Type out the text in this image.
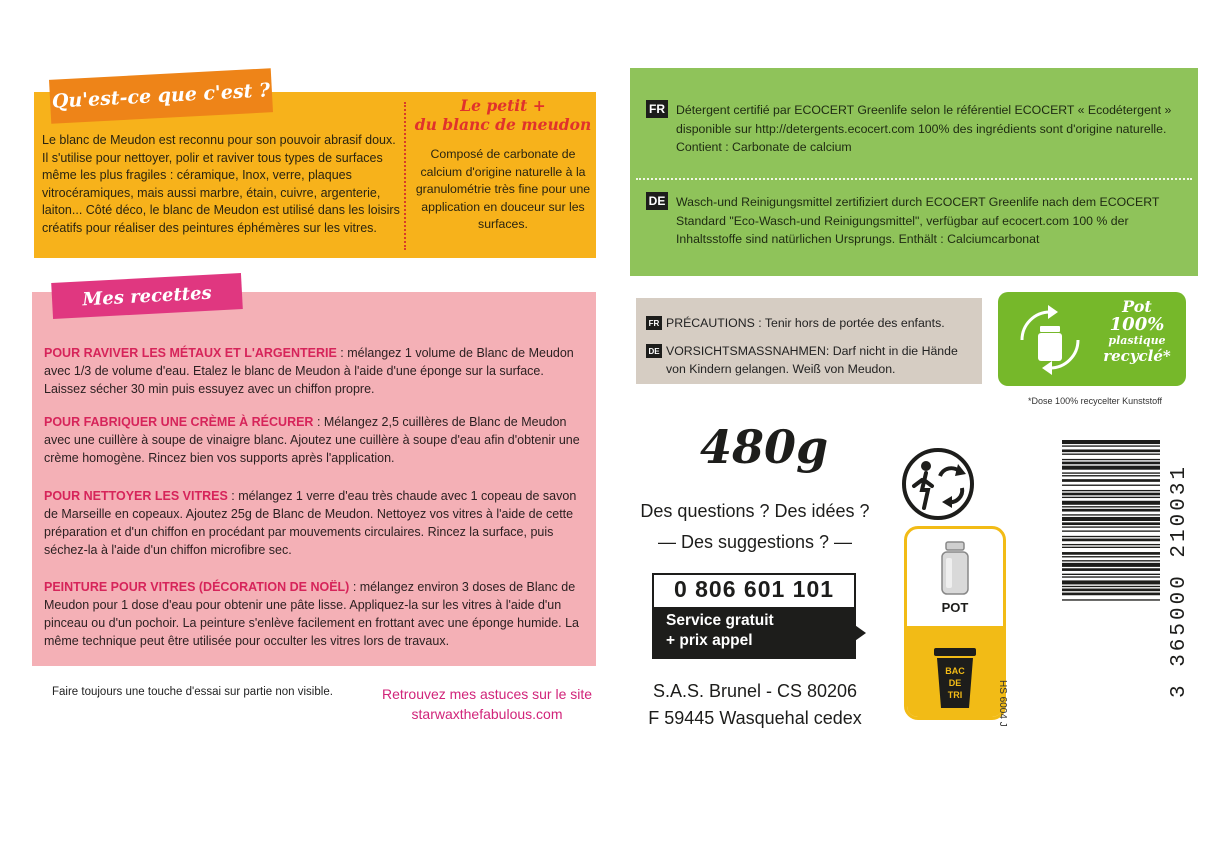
Qu'est-ce que c'est ?
Le blanc de Meudon est reconnu pour son pouvoir abrasif doux. Il s'utilise pour nettoyer, polir et raviver tous types de surfaces même les plus fragiles : céramique, Inox, verre, plaques vitrocéramiques, mais aussi marbre, étain, cuivre, argenterie, laiton... Côté déco, le blanc de Meudon est utilisé dans les loisirs créatifs pour réaliser des peintures éphémères sur les vitres.
Le petit +
du blanc de meudon
Composé de carbonate de calcium d'origine naturelle à la granulométrie très fine pour une application en douceur sur les surfaces.
Mes recettes
POUR RAVIVER LES MÉTAUX ET L'ARGENTERIE : mélangez 1 volume de Blanc de Meudon avec 1/3 de volume d'eau. Etalez le blanc de Meudon à l'aide d'une éponge sur la surface. Laissez sécher 30 min puis essuyez avec un chiffon propre.
POUR FABRIQUER UNE CRÈME À RÉCURER : Mélangez 2,5 cuillères de Blanc de Meudon avec une cuillère à soupe de vinaigre blanc. Ajoutez une cuillère à soupe d'eau afin d'obtenir une crème homogène. Rincez bien vos supports après l'application.
POUR NETTOYER LES VITRES : mélangez 1 verre d'eau très chaude avec 1 copeau de savon de Marseille en copeaux. Ajoutez 25g de Blanc de Meudon. Nettoyez vos vitres à l'aide de cette préparation et d'un chiffon en procédant par mouvements circulaires. Rincez la surface, puis séchez-la à l'aide d'un chiffon microfibre sec.
PEINTURE POUR VITRES (DÉCORATION DE NOËL) : mélangez environ 3 doses de Blanc de Meudon pour 1 dose d'eau pour obtenir une pâte lisse. Appliquez-la sur les vitres à l'aide d'un pinceau ou d'un pochoir. La peinture s'enlève facilement en frottant avec une éponge humide. La même technique peut être utilisée pour occulter les vitres lors de travaux.
Faire toujours une touche d'essai sur partie non visible.	Retrouvez mes astuces sur le site
starwaxthefabulous.com
FR Détergent certifié par ECOCERT Greenlife selon le référentiel ECOCERT « Ecodétergent » disponible sur http://detergents.ecocert.com 100% des ingrédients sont d'origine naturelle. Contient : Carbonate de calcium
DE Wasch-und Reinigungsmittel zertifiziert durch ECOCERT Greenlife nach dem ECOCERT Standard "Eco-Wasch-und Reinigungsmittel", verfügbar auf ecocert.com 100 % der Inhaltsstoffe sind natürlichen Ursprungs. Enthält : Calciumcarbonat
FR PRÉCAUTIONS : Tenir hors de portée des enfants.
DE VORSICHTSMASSNAHMEN: Darf nicht in die Hände von Kindern gelangen. Weiß von Meudon.
Pot
100%
plastique
recyclé*
*Dose 100% recycelter Kunststoff
480g
Des questions ? Des idées ?
— Des suggestions ? —
0 806 601 101
Service gratuit
+ prix appel
S.A.S. Brunel - CS 80206
F 59445 Wasquehal cedex
POT
BAC
DE
TRI	HS 6004 J
3 365000 210031
